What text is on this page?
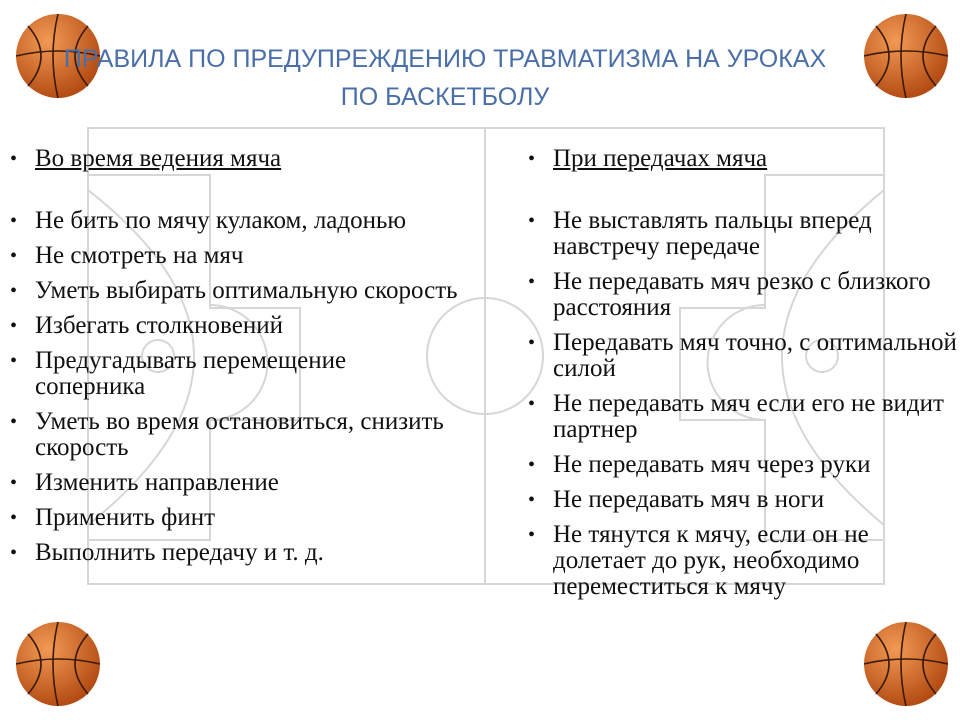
ПРАВИЛА ПО ПРЕДУПРЕЖДЕНИЮ ТРАВМАТИЗМА НА УРОКАХ
ПО БАСКЕТБОЛУ
• Во время ведения мяча
• Не бить по мячу кулаком, ладонью
• Не смотреть на мяч
• Уметь выбирать оптимальную скорость
• Избегать столкновений
• Предугадывать перемещение соперника
• Уметь во время остановиться, снизить скорость
• Изменить направление
• Применить финт
• Выполнить передачу и т. д.
• При передачах мяча
• Не выставлять пальцы вперед навстречу передаче
• Не передавать мяч резко с близкого расстояния
• Передавать мяч точно, с оптимальной силой
• Не передавать мяч если его не видит партнер
• Не передавать мяч через руки
• Не передавать мяч в ноги
• Не тянутся к мячу, если он не долетает до рук, необходимо переместиться к мячу
